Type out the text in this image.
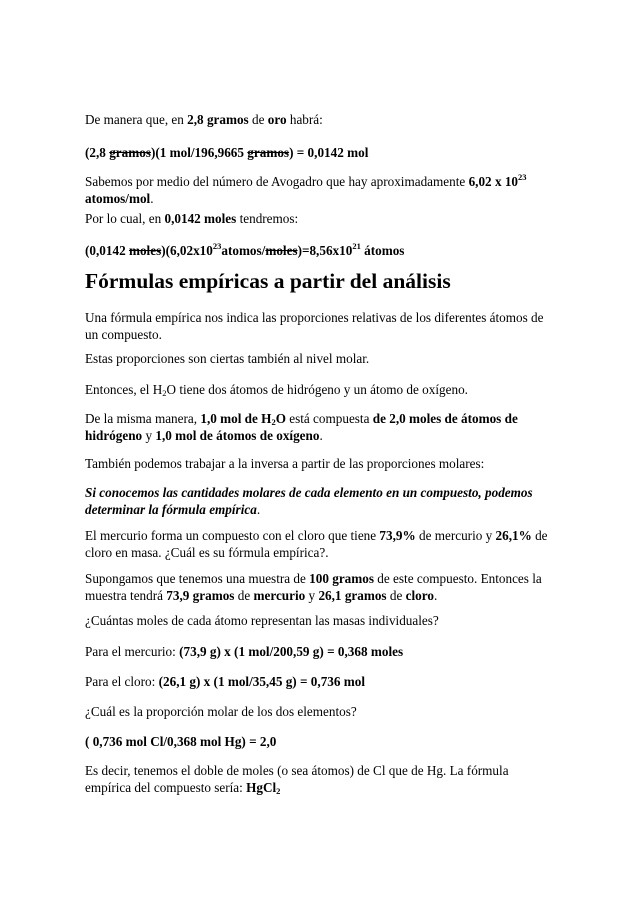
De manera que, en 2,8 gramos de oro habrá:

(2,8 gramos)(1 mol/196,9665 gramos) = 0,0142 mol

Sabemos por medio del número de Avogadro que hay aproximadamente 6,02 x $10^{23}$ atomos/mol.

Por lo cual, en 0,0142 moles tendremos:

(0,0142 $moles)(6,02x10^{23}atomos/moles)=8,56x10^{21}$ átomos

Fórmulas empíricas a partir del análisis

Una fórmula empírica nos indica las proporciones relativas de los diferentes átomos de un compuesto.

Estas proporciones son ciertas también al nivel molar.

Entonces, el $H_2O$ tiene dos átomos de hidrógeno y un átomo de oxígeno.

De la misma manera, 1,0 mol de $H_2O$ está compuesta de 2,0 moles de átomos de hidrógeno y 1,0 mol de átomos de oxígeno.

También podemos trabajar a la inversa a partir de las proporciones molares:

Si conocemos las cantidades molares de cada elemento en un compuesto, podemos determinar la fórmula empírica.

El mercurio forma un compuesto con el cloro que tiene 73,9% de mercurio y 26,1% de cloro en masa. ¿Cuál es su fórmula empírica?.

Supongamos que tenemos una muestra de 100 gramos de este compuesto. Entonces la muestra tendrá 73,9 gramos de mercurio y 26,1 gramos de cloro.

¿Cuántas moles de cada átomo representan las masas individuales?

Para el mercurio: (73,9 g) x (1 mol/200,59 g) = 0,368 moles

Para el cloro: (26,1 g) x (1 mol/35,45 g) = 0,736 mol

¿Cuál es la proporción molar de los dos elementos?

( 0,736 mol Cl/0,368 mol Hg) = 2,0

Es decir, tenemos el doble de moles (o sea átomos) de Cl que de Hg. La fórmula empírica del compuesto sería: HgCl$_2$
